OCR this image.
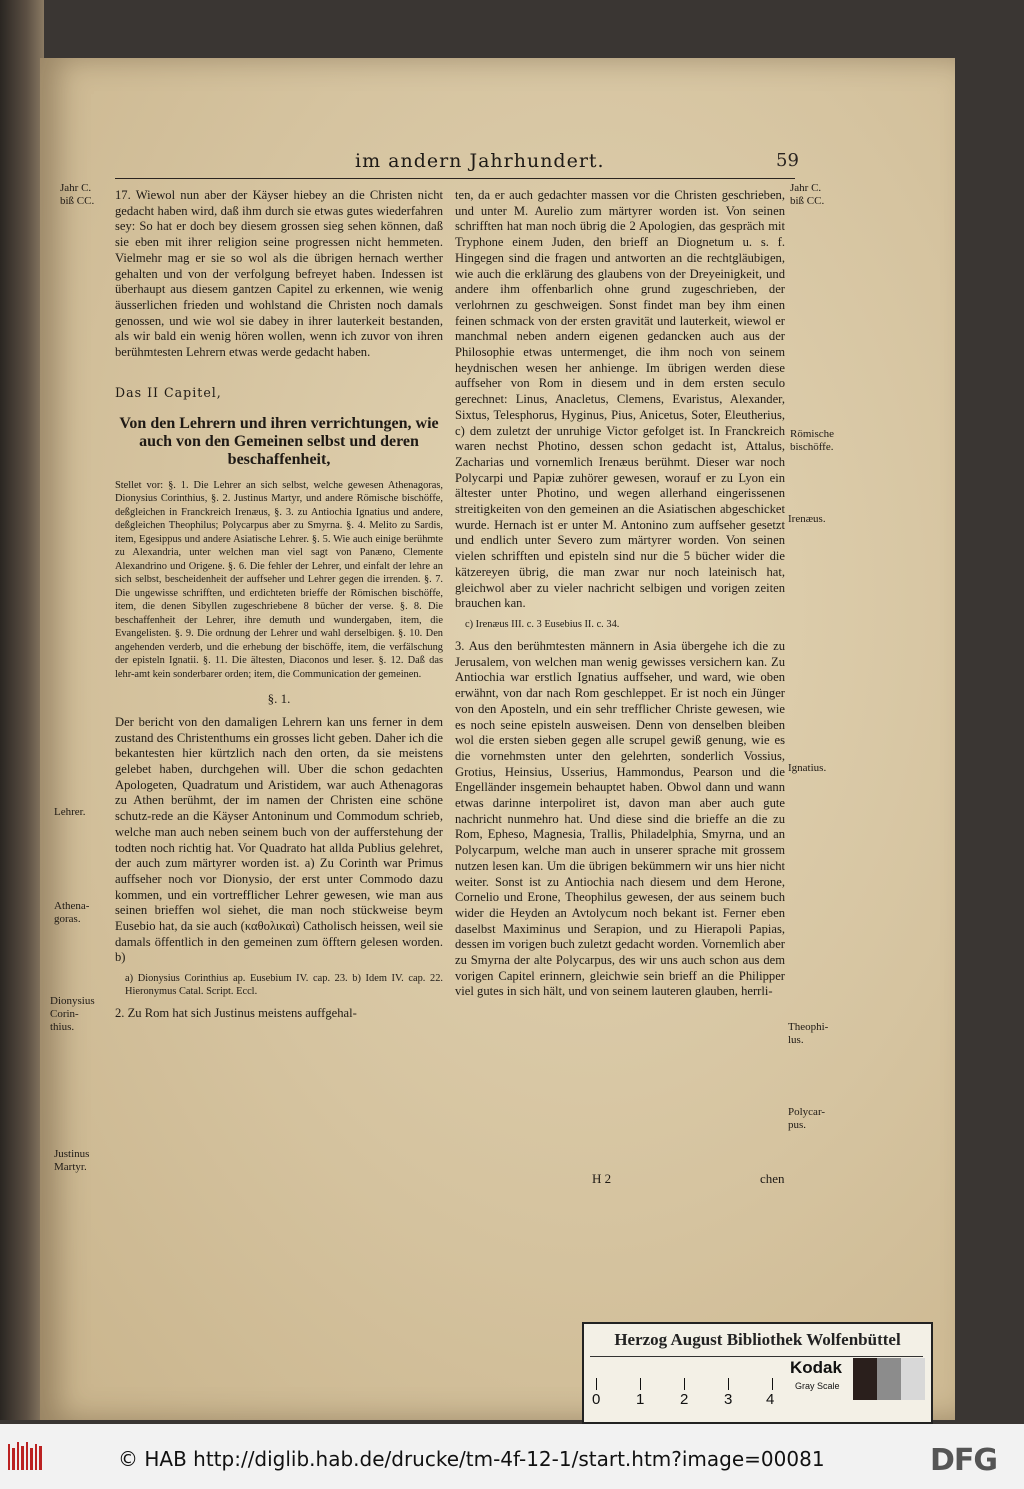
im andern Jahrhundert.	59
Jahr C.
biß CC.
Jahr C.
biß CC.
Lehrer.
Athena-
goras.
Dionysius
Corin-
thius.
Justinus
Martyr.
Römische
bischöffe.
Irenæus.
Ignatius.
Theophi-
lus.
Polycar-
pus.

17. Wiewol nun aber der Käyser hiebey an die Christen nicht gedacht haben wird, daß ihm durch sie etwas gutes wiederfahren sey: So hat er doch bey diesem grossen sieg sehen können, daß sie eben mit ihrer religion seine progressen nicht hemmeten. Vielmehr mag er sie so wol als die übrigen hernach werther gehalten und von der verfolgung befreyet haben. Indessen ist überhaupt aus diesem gantzen Capitel zu erkennen, wie wenig äusserlichen frieden und wohlstand die Christen noch damals genossen, und wie wol sie dabey in ihrer lauterkeit bestanden, als wir bald ein wenig hören wollen, wenn ich zuvor von ihren berühmtesten Lehrern etwas werde gedacht haben.

Das II Capitel,

Von den Lehrern und ihren verrichtungen, wie auch von den Gemeinen selbst und deren beschaffenheit,

Stellet vor: §. 1. Die Lehrer an sich selbst, welche gewesen Athenagoras, Dionysius Corinthius, §. 2. Justinus Martyr, und andere Römische bischöffe, deßgleichen in Franckreich Irenæus, §. 3. zu Antiochia Ignatius und andere, deßgleichen Theophilus; Polycarpus aber zu Smyrna. §. 4. Melito zu Sardis, item, Egesippus und andere Asiatische Lehrer. §. 5. Wie auch einige berühmte zu Alexandria, unter welchen man viel sagt von Panæno, Clemente Alexandrino und Origene. §. 6. Die fehler der Lehrer, und einfalt der lehre an sich selbst, bescheidenheit der auffseher und Lehrer gegen die irrenden. §. 7. Die ungewisse schrifften, und erdichteten brieffe der Römischen bischöffe, item, die denen Sibyllen zugeschriebene 8 bücher der verse. §. 8. Die beschaffenheit der Lehrer, ihre demuth und wundergaben, item, die Evangelisten. §. 9. Die ordnung der Lehrer und wahl derselbigen. §. 10. Den angehenden verderb, und die erhebung der bischöffe, item, die verfälschung der episteln Ignatii. §. 11. Die ältesten, Diaconos und leser. §. 12. Daß das lehr-amt kein sonderbarer orden; item, die Communication der gemeinen.

§. 1.

Der bericht von den damaligen Lehrern kan uns ferner in dem zustand des Christenthums ein grosses licht geben. Daher ich die bekantesten hier kürtzlich nach den orten, da sie meistens gelebet haben, durchgehen will. Uber die schon gedachten Apologeten, Quadratum und Aristidem, war auch Athenagoras zu Athen berühmt, der im namen der Christen eine schöne schutz-rede an die Käyser Antoninum und Commodum schrieb, welche man auch neben seinem buch von der aufferstehung der todten noch richtig hat. Vor Quadrato hat allda Publius gelehret, der auch zum märtyrer worden ist. a) Zu Corinth war Primus auffseher noch vor Dionysio, der erst unter Commodo dazu kommen, und ein vortrefflicher Lehrer gewesen, wie man aus seinen brieffen wol siehet, die man noch stückweise beym Eusebio hat, da sie auch (καθολικαὶ) Catholisch heissen, weil sie damals öffentlich in den gemeinen zum öfftern gelesen worden. b)

a) Dionysius Corinthius ap. Eusebium IV. cap. 23. b) Idem IV. cap. 22. Hieronymus Catal. Script. Eccl.

2. Zu Rom hat sich Justinus meistens auffgehal-

ten, da er auch gedachter massen vor die Christen geschrieben, und unter M. Aurelio zum märtyrer worden ist. Von seinen schrifften hat man noch übrig die 2 Apologien, das gespräch mit Tryphone einem Juden, den brieff an Diognetum u. s. f. Hingegen sind die fragen und antworten an die rechtgläubigen, wie auch die erklärung des glaubens von der Dreyeinigkeit, und andere ihm offenbarlich ohne grund zugeschrieben, der verlohrnen zu geschweigen. Sonst findet man bey ihm einen feinen schmack von der ersten gravität und lauterkeit, wiewol er manchmal neben andern eigenen gedancken auch aus der Philosophie etwas untermenget, die ihm noch von seinem heydnischen wesen her anhienge. Im übrigen werden diese auffseher von Rom in diesem und in dem ersten seculo gerechnet: Linus, Anacletus, Clemens, Evaristus, Alexander, Sixtus, Telesphorus, Hyginus, Pius, Anicetus, Soter, Eleutherius, c) dem zuletzt der unruhige Victor gefolget ist. In Franckreich waren nechst Photino, dessen schon gedacht ist, Attalus, Zacharias und vornemlich Irenæus berühmt. Dieser war noch Polycarpi und Papiæ zuhörer gewesen, worauf er zu Lyon ein ältester unter Photino, und wegen allerhand eingerissenen streitigkeiten von den gemeinen an die Asiatischen abgeschicket wurde. Hernach ist er unter M. Antonino zum auffseher gesetzt und endlich unter Severo zum märtyrer worden. Von seinen vielen schrifften und episteln sind nur die 5 bücher wider die kätzereyen übrig, die man zwar nur noch lateinisch hat, gleichwol aber zu vieler nachricht selbigen und vorigen zeiten brauchen kan.

c) Irenæus III. c. 3 Eusebius II. c. 34.

3. Aus den berühmtesten männern in Asia übergehe ich die zu Jerusalem, von welchen man wenig gewisses versichern kan. Zu Antiochia war erstlich Ignatius auffseher, und ward, wie oben erwähnt, von dar nach Rom geschleppet. Er ist noch ein Jünger von den Aposteln, und ein sehr trefflicher Christe gewesen, wie es noch seine episteln ausweisen. Denn von denselben bleiben wol die ersten sieben gegen alle scrupel gewiß genung, wie es die vornehmsten unter den gelehrten, sonderlich Vossius, Grotius, Heinsius, Usserius, Hammondus, Pearson und die Engelländer insgemein behauptet haben. Obwol dann und wann etwas darinne interpoliret ist, davon man aber auch gute nachricht nunmehro hat. Und diese sind die brieffe an die zu Rom, Epheso, Magnesia, Trallis, Philadelphia, Smyrna, und an Polycarpum, welche man auch in unserer sprache mit grossem nutzen lesen kan. Um die übrigen bekümmern wir uns hier nicht weiter. Sonst ist zu Antiochia nach diesem und dem Herone, Cornelio und Erone, Theophilus gewesen, der aus seinem buch wider die Heyden an Avtolycum noch bekant ist. Ferner eben daselbst Maximinus und Serapion, und zu Hierapoli Papias, dessen im vorigen buch zuletzt gedacht worden. Vornemlich aber zu Smyrna der alte Polycarpus, des wir uns auch schon aus dem vorigen Capitel erinnern, gleichwie sein brieff an die Philipper viel gutes in sich hält, und von seinem lauteren glauben, herrli-

H 2	chen
Herzog August Bibliothek Wolfenbüttel
0 1 2 3 4
Kodak
Gray Scale
© HAB http://diglib.hab.de/drucke/tm-4f-12-1/start.htm?image=00081	DFG
